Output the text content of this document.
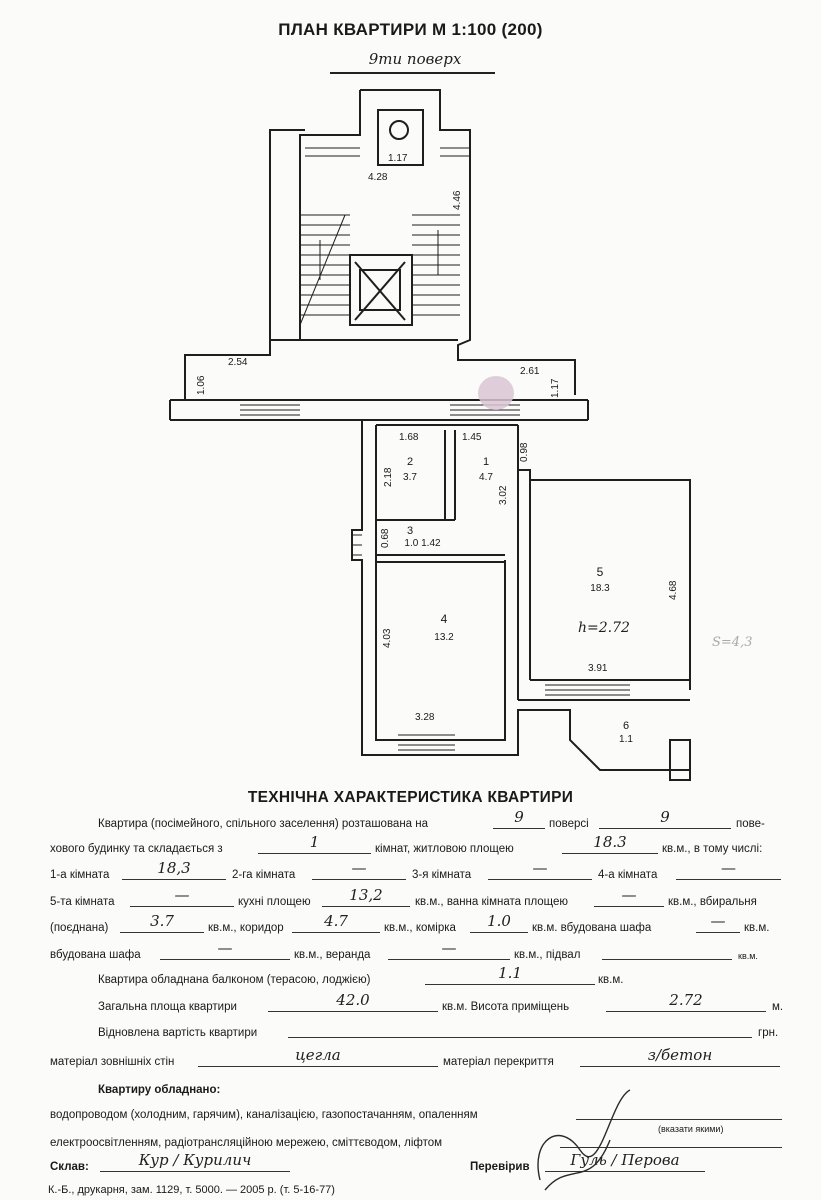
ПЛАН КВАРТИРИ М 1:100 (200)
9ти поверх
1.17
4.28
4.46
2.54
1.06
2.61
1.17
1.68	1.45
2.18
3.02
0.98
0.68
4.03
3.28
4.68
3.91
1
4.7
2
3.7
3
1.0 1.42
4
13.2
5
18.3
6
1.1
h=2.72
S=4,3
ТЕХНІЧНА ХАРАКТЕРИСТИКА КВАРТИРИ
Квартира (посімейного, спільного заселення) розташована на	9	поверсі	9	пове-
хового будинку та складається з	1	кімнат, житловою площею	18.3	кв.м., в тому числі:
1-а кімната	18,3	2-га кімната	—	3-я кімната	—	4-а кімната	—
5-та кімната	—	кухні площею	13,2	кв.м., ванна кімната площею	—	кв.м., вбиральня
(поєднана)	3.7	кв.м., коридор	4.7	кв.м., комірка	1.0	кв.м. вбудована шафа	—	кв.м.
вбудована шафа	—	кв.м., веранда	—	кв.м., підвал	кв.м.
Квартира обладнана балконом (терасою, лоджією)	1.1	кв.м.
Загальна площа квартири	42.0	кв.м. Висота приміщень	2.72	м.
Відновлена вартість квартири	грн.
матеріал зовнішніх стін	цегла	матеріал перекриття	з/бетон
Квартиру обладнано:
водопроводом (холодним, гарячим), каналізацією, газопостачанням, опаленням
електроосвітленням, радіотрансляційною мережею, сміттєводом, ліфтом
(вказати якими)
Склав:	Кур / Курилич	Перевірив	Гуль / Перова
К.-Б., друкарня, зам. 1129, т. 5000. — 2005 р. (т. 5-16-77)
